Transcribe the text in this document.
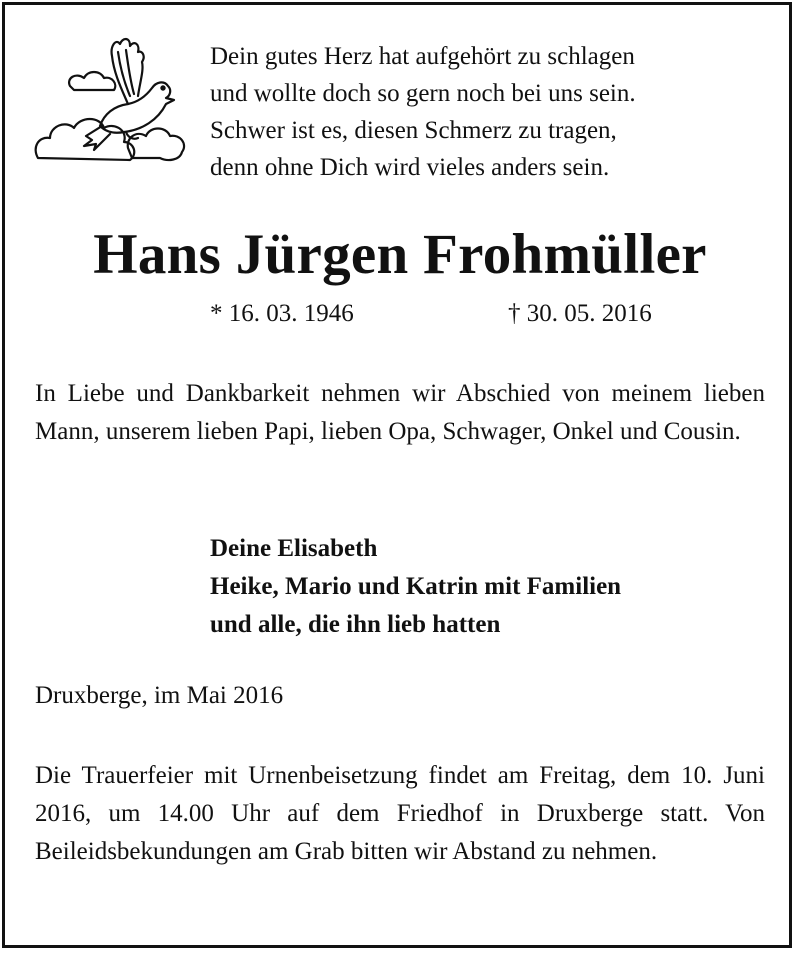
Dein gutes Herz hat aufgehört zu schlagen
und wollte doch so gern noch bei uns sein.
Schwer ist es, diesen Schmerz zu tragen,
denn ohne Dich wird vieles anders sein.
Hans Jürgen Frohmüller
* 16. 03. 1946	† 30. 05. 2016
In Liebe und Dankbarkeit nehmen wir Abschied von meinem lieben Mann, unserem lieben Papi, lieben Opa, Schwager, Onkel und Cousin.
Deine Elisabeth
Heike, Mario und Katrin mit Familien
und alle, die ihn lieb hatten
Druxberge, im Mai 2016
Die Trauerfeier mit Urnenbeisetzung findet am Freitag, dem 10. Juni 2016, um 14.00 Uhr auf dem Friedhof in Druxberge statt. Von Beileidsbekundungen am Grab bitten wir Abstand zu nehmen.
